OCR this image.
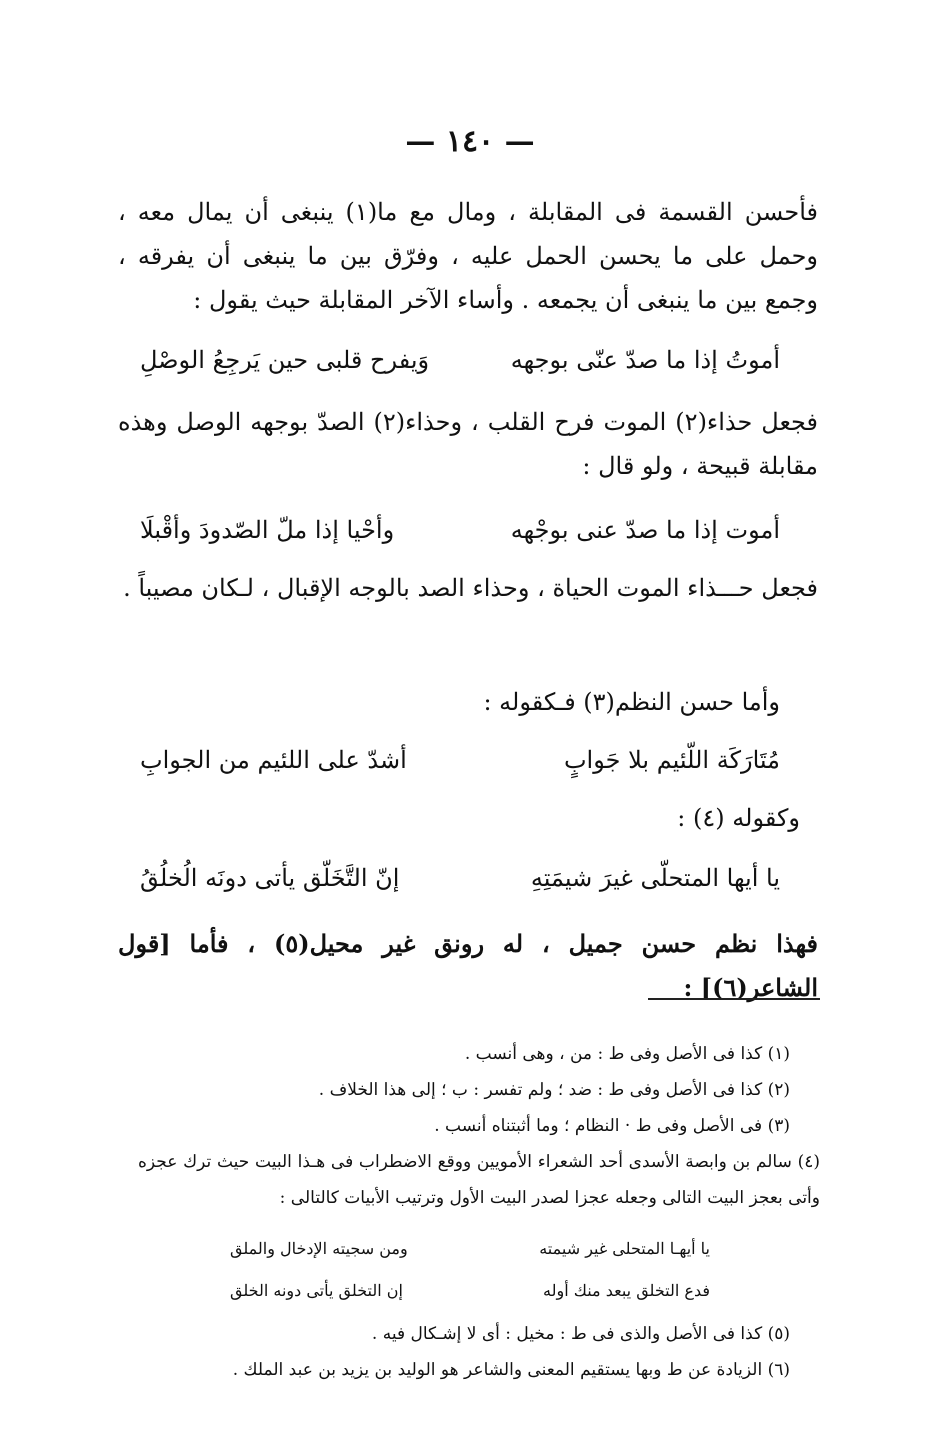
— ١٤٠ —
فأحسن القسمة فى المقابلة ، ومال مع ما(١) ينبغى أن يمال معه ، وحمل على ما يحسن الحمل عليه ، وفرّق بين ما ينبغى أن يفرقه ، وجمع بين ما ينبغى أن يجمعه . وأساء الآخر المقابلة حيث يقول :
أموتُ إذا ما صدّ عنّى بوجهه
وَيفرح قلبى حين يَرجِعُ الوصْلِ
فجعل حذاء(٢) الموت فرح القلب ، وحذاء(٢) الصدّ بوجهه الوصل وهذه مقابلة قبيحة ، ولو قال :
أموت إذا ما صدّ عنى بوجْهه
وأحْيا إذا ملّ الصّدودَ وأقْبلَا
فجعل حـــذاء الموت الحياة ، وحذاء الصد بالوجه الإقبال ، لـكان مصيباً .
وأما حسن النظم(٣) فـكقوله :
مُتَارَكَة اللّئيم بلا جَوابٍ
أشدّ على اللئيم من الجوابِ
وكقوله (٤) :
يا أيها المتحلّى غيرَ شيمَتِهِ
إنّ التَّخَلّق يأتى دونَه الُخلُقُ
فهذا نظم حسن جميل ، له رونق غير محيل(٥) ، فأما [قول الشاعر(٦)] :
(١) كذا فى الأصل وفى ط : من ، وهى أنسب .
(٢) كذا فى الأصل وفى ط : ضد ؛ ولم تفسر : ب ؛ إلى هذا الخلاف .
(٣) فى الأصل وفى ط · النظام ؛ وما أثبتناه أنسب .
(٤) سالم بن وابصة الأسدى أحد الشعراء الأمويين ووقع الاضطراب فى هـذا البيت حيث ترك عجزه وأتى بعجز البيت التالى وجعله عجزا لصدر البيت الأول وترتيب الأبيات كالتالى :
يا أيهـا المتحلى غير شيمته
ومن سجيته الإدخال والملق
فدع التخلق يبعد منك أوله
إن التخلق يأتى دونه الخلق
(٥) كذا فى الأصل والذى فى ط : مخيل : أى لا إشـكال فيه .
(٦) الزيادة عن ط وبها يستقيم المعنى والشاعر هو الوليد بن يزيد بن عبد الملك .
